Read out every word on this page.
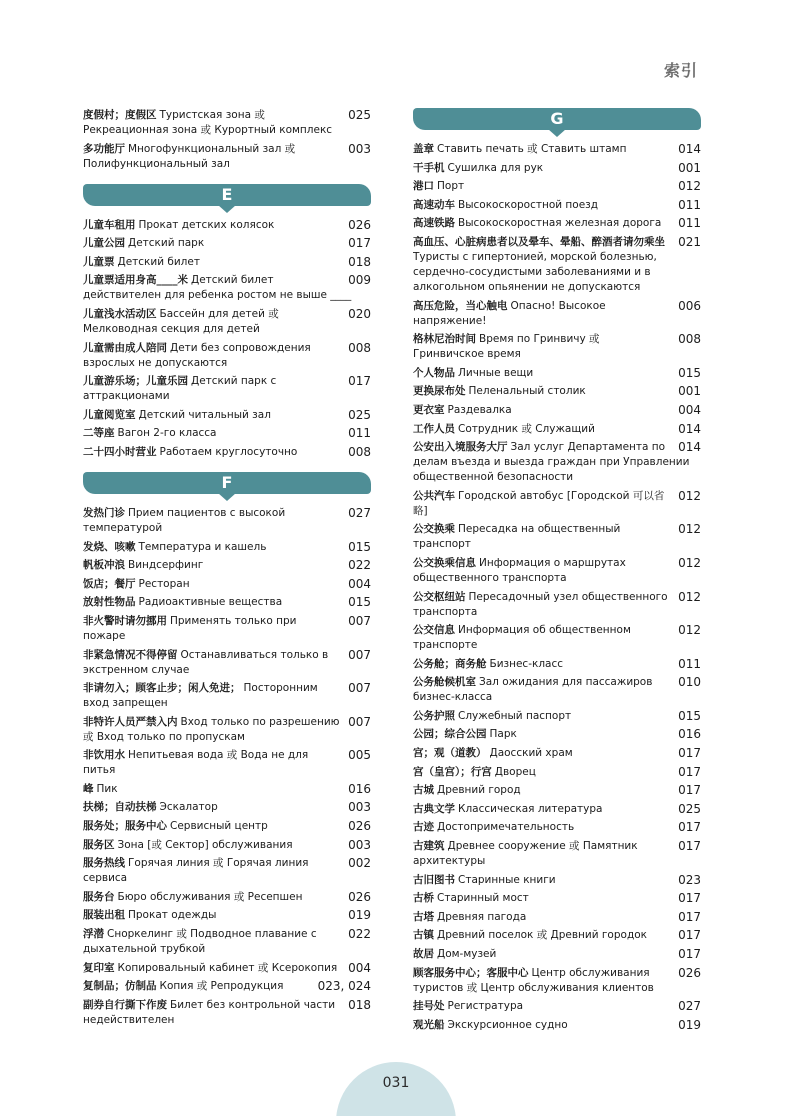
索引
025
度假村；度假区 Туристская зона 或 Рекреационная зона 或 Курортный комплекс
003
多功能厅 Многофункциональный зал 或 Полифункциональный зал
E
026
儿童车租用 Прокат детских колясок
017
儿童公园 Детский парк
018
儿童票 Детский билет
009
儿童票适用身高____米 Детский билет действителен для ребенка ростом не выше ____
020
儿童浅水活动区 Бассейн для детей 或 Мелководная секция для детей
008
儿童需由成人陪同 Дети без сопровождения взрослых не допускаются
017
儿童游乐场；儿童乐园 Детский парк с аттракционами
025
儿童阅览室 Детский читальный зал
011
二等座 Вагон 2-го класса
008
二十四小时营业 Работаем круглосуточно
F
027
发热门诊 Прием пациентов с высокой температурой
015
发烧、咳嗽 Температура и кашель
022
帆板冲浪 Виндсерфинг
004
饭店；餐厅 Ресторан
015
放射性物品 Радиоактивные вещества
007
非火警时请勿挪用 Применять только при пожаре
007
非紧急情况不得停留 Останавливаться только в экстренном случае
007
非请勿入；顾客止步；闲人免进； Посторонним вход запрещен
007
非特许人员严禁入内 Вход только по разрешению 或 Вход только по пропускам
005
非饮用水 Непитьевая вода 或 Вода не для питья
016
峰 Пик
003
扶梯；自动扶梯 Эскалатор
026
服务处；服务中心 Сервисный центр
003
服务区 Зона [或 Сектор] обслуживания
002
服务热线 Горячая линия 或 Горячая линия сервиса
026
服务台 Бюро обслуживания 或 Ресепшен
019
服装出租 Прокат одежды
022
浮潜 Сноркелинг 或 Подводное плавание с дыхательной трубкой
004
复印室 Копировальный кабинет 或 Ксерокопия
023, 024
复制品；仿制品 Копия 或 Репродукция
018
副券自行撕下作废 Билет без контрольной части недействителен
G
014
盖章 Ставить печать 或 Ставить штамп
001
干手机 Сушилка для рук
012
港口 Порт
011
高速动车 Высокоскоростной поезд
011
高速铁路 Высокоскоростная железная дорога
021
高血压、心脏病患者以及晕车、晕船、醉酒者请勿乘坐Туристы с гипертонией, морской болезнью, сердечно-сосудистыми заболеваниями и в алкогольном опьянении не допускаются
006
高压危险，当心触电 Опасно! Высокое напряжение!
008
格林尼治时间 Время по Гринвичу 或 Гринвичское время
015
个人物品 Личные вещи
001
更换尿布处 Пеленальный столик
004
更衣室 Раздевалка
014
工作人员 Сотрудник 或 Служащий
014
公安出入境服务大厅 Зал услуг Департамента по делам въезда и выезда граждан при Управлении общественной безопасности
012
公共汽车 Городской автобус [Городской 可以省略]
012
公交换乘 Пересадка на общественный транспорт
012
公交换乘信息 Информация о маршрутах общественного транспорта
012
公交枢纽站 Пересадочный узел общественного транспорта
012
公交信息 Информация об общественном транспорте
011
公务舱；商务舱 Бизнес-класс
010
公务舱候机室 Зал ожидания для пассажиров бизнес-класса
015
公务护照 Служебный паспорт
016
公园；综合公园 Парк
017
宫；观（道教） Даосский храм
017
宫（皇宫）；行宫 Дворец
017
古城 Древний город
025
古典文学 Классическая литература
017
古迹 Достопримечательность
017
古建筑 Древнее сооружение 或 Памятник архитектуры
023
古旧图书 Старинные книги
017
古桥 Старинный мост
017
古塔 Древняя пагода
017
古镇 Древний поселок 或 Древний городок
017
故居 Дом-музей
026
顾客服务中心；客服中心 Центр обслуживания туристов 或 Центр обслуживания клиентов
027
挂号处 Регистратура
019
观光船 Экскурсионное судно
031
